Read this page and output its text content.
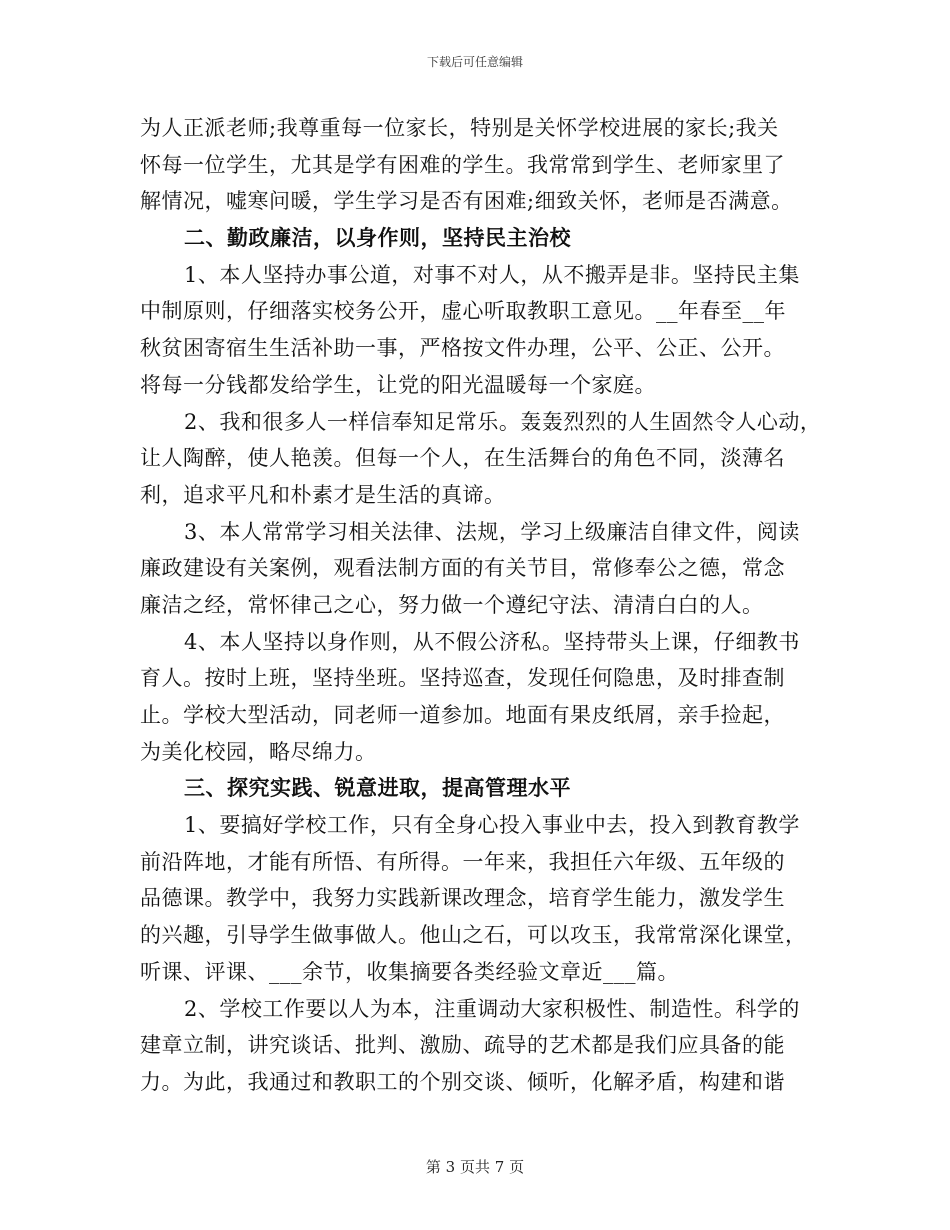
下载后可任意编辑
为人正派老师;我尊重每一位家长，特别是关怀学校进展的家长;我关
怀每一位学生，尤其是学有困难的学生。我常常到学生、老师家里了
解情况，嘘寒问暖，学生学习是否有困难;细致关怀，老师是否满意。
二、勤政廉洁，以身作则，坚持民主治校
1、本人坚持办事公道，对事不对人，从不搬弄是非。坚持民主集
中制原则，仔细落实校务公开，虚心听取教职工意见。__年春至__年
秋贫困寄宿生生活补助一事，严格按文件办理，公平、公正、公开。
将每一分钱都发给学生，让党的阳光温暖每一个家庭。
2、我和很多人一样信奉知足常乐。轰轰烈烈的人生固然令人心动，
让人陶醉，使人艳羡。但每一个人，在生活舞台的角色不同，淡薄名
利，追求平凡和朴素才是生活的真谛。
3、本人常常学习相关法律、法规，学习上级廉洁自律文件，阅读
廉政建设有关案例，观看法制方面的有关节目，常修奉公之德，常念
廉洁之经，常怀律己之心，努力做一个遵纪守法、清清白白的人。
4、本人坚持以身作则，从不假公济私。坚持带头上课，仔细教书
育人。按时上班，坚持坐班。坚持巡查，发现任何隐患，及时排查制
止。学校大型活动，同老师一道参加。地面有果皮纸屑，亲手捡起，
为美化校园，略尽绵力。
三、探究实践、锐意进取，提高管理水平
1、要搞好学校工作，只有全身心投入事业中去，投入到教育教学
前沿阵地，才能有所悟、有所得。一年来，我担任六年级、五年级的
品德课。教学中，我努力实践新课改理念，培育学生能力，激发学生
的兴趣，引导学生做事做人。他山之石，可以攻玉，我常常深化课堂，
听课、评课、___余节，收集摘要各类经验文章近___篇。
2、学校工作要以人为本，注重调动大家积极性、制造性。科学的
建章立制，讲究谈话、批判、激励、疏导的艺术都是我们应具备的能
力。为此，我通过和教职工的个别交谈、倾听，化解矛盾，构建和谐
第 3 页共 7 页
